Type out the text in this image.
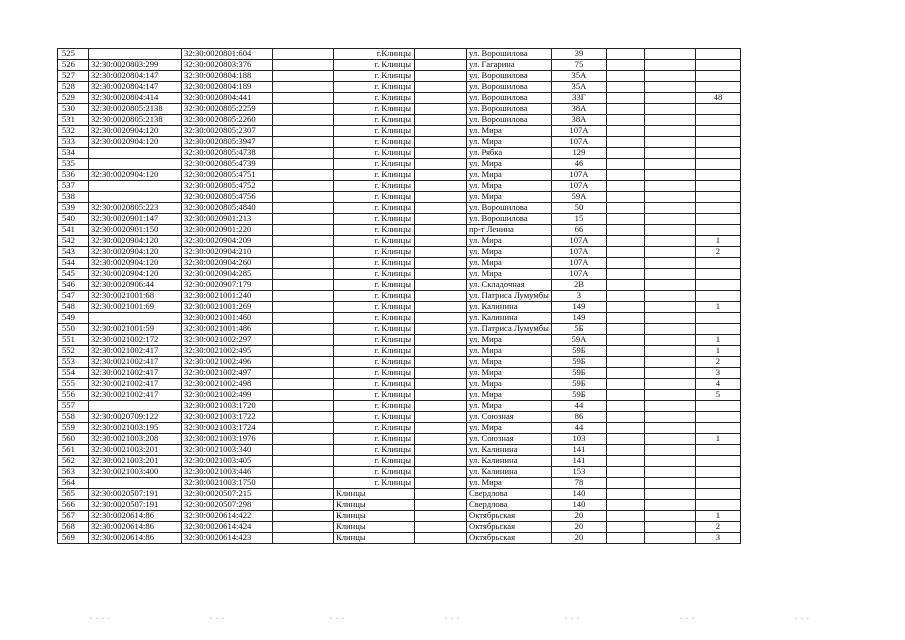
525		32:30:0020801:604		г.Клинцы		ул. Ворошилова	39			
526	32:30:0020803:299	32:30:0020803:376		г. Клинцы		ул. Гагарина	75			
527	32:30:0020804:147	32:30:0020804:188		г. Клинцы		ул. Ворошилова	35А			
528	32:30:0020804:147	32:30:0020804:189		г. Клинцы		ул. Ворошилова	35А			
529	32:30:0020804:414	32:30:0020804:441		г. Клинцы		ул. Ворошилова	33Г			48
530	32:30:0020805:2138	32:30:0020805:2259		г. Клинцы		ул. Ворошилова	38А			
531	32:30:0020805:2138	32:30:0020805:2260		г. Клинцы		ул. Ворошилова	38А			
532	32:30:0020904:120	32:30:0020805:2307		г. Клинцы		ул. Мира	107А			
533	32:30:0020904:120	32:30:0020805:3947		г. Клинцы		ул. Мира	107А			
534		32:30:0020805:4738		г. Клинцы		ул. Рябка	129			
535		32:30:0020805:4739		г. Клинцы		ул. Мира	46			
536	32:30:0020904:120	32:30:0020805:4751		г. Клинцы		ул. Мира	107А			
537		32:30:0020805:4752		г. Клинцы		ул. Мира	107А			
538		32:30:0020805:4756		г. Клинцы		ул. Мира	59А			
539	32:30:0020805:223	32:30:0020805:4840		г. Клинцы		ул. Ворошилова	50			
540	32:30:0020901:147	32:30:0020901:213		г. Клинцы		ул. Ворошилова	15			
541	32:30:0020901:150	32:30:0020901:220		г. Клинцы		пр-т Ленина	66			
542	32:30:0020904:120	32:30:0020904:209		г. Клинцы		ул. Мира	107А			1
543	32:30:0020904:120	32:30:0020904:210		г. Клинцы		ул. Мира	107А			2
544	32:30:0020904:120	32:30:0020904:260		г. Клинцы		ул. Мира	107А			
545	32:30:0020904:120	32:30:0020904:285		г. Клинцы		ул. Мира	107А			
546	32:30:0020906:44	32:30:0020907:179		г. Клинцы		ул. Складочная	2В			
547	32:30:0021001:68	32:30:0021001:240		г. Клинцы		ул. Патриса Лумумбы	3			
548	32:30:0021001:69	32:30:0021001:269		г. Клинцы		ул. Калинина	149			1
549		32:30:0021001:460		г. Клинцы		ул. Калинина	149			
550	32:30:0021001:59	32:30:0021001:486		г. Клинцы		ул. Патриса Лумумбы	5Б			
551	32:30:0021002:172	32:30:0021002:297		г. Клинцы		ул. Мира	59А			1
552	32:30:0021002:417	32:30:0021002:495		г. Клинцы		ул. Мира	59Б			1
553	32:30:0021002:417	32:30:0021002:496		г. Клинцы		ул. Мира	59Б			2
554	32:30:0021002:417	32:30:0021002:497		г. Клинцы		ул. Мира	59Б			3
555	32:30:0021002:417	32:30:0021002:498		г. Клинцы		ул. Мира	59Б			4
556	32:30:0021002:417	32:30:0021002:499		г. Клинцы		ул. Мира	59Б			5
557		32:30:0021003:1720		г. Клинцы		ул. Мира	44			
558	32:30:0020709:122	32:30:0021003:1722		г. Клинцы		ул. Союзная	86			
559	32:30:0021003:195	32:30:0021003:1724		г. Клинцы		ул. Мира	44			
560	32:30:0021003:208	32:30:0021003:1976		г. Клинцы		ул. Союзная	103			1
561	32:30:0021003:201	32:30:0021003:340		г. Клинцы		ул. Калинина	141			
562	32:30:0021003:201	32:30:0021003:405		г. Клинцы		ул. Калинина	141			
563	32:30:0021003:400	32:30:0021003:446		г. Клинцы		ул. Калинина	153			
564		32:30:0021003:1750		г. Клинцы		ул. Мира	78			
565	32:30:0020507:191	32:30:0020507:215		Клинцы		Свердлова	140			
566	32:30:0020507:191	32:30:0020507:298		Клинцы		Свердлова	140			
567	32:30:0020614:86	32:30:0020614:422		Клинцы		Октябрьская	20			1
568	32:30:0020614:86	32:30:0020614:424		Клинцы		Октябрьская	20			2
569	32:30:0020614:86	32:30:0020614:423		Клинцы		Октябрьская	20			3
⁃ ⁃ ⁃ ⁃	⁃ ⁃ ⁃	⁃ ⁃ ⁃	⁃ ⁃ ⁃	⁃ ⁃ ⁃	⁃ ⁃ ⁃	⁃ ⁃ ⁃
